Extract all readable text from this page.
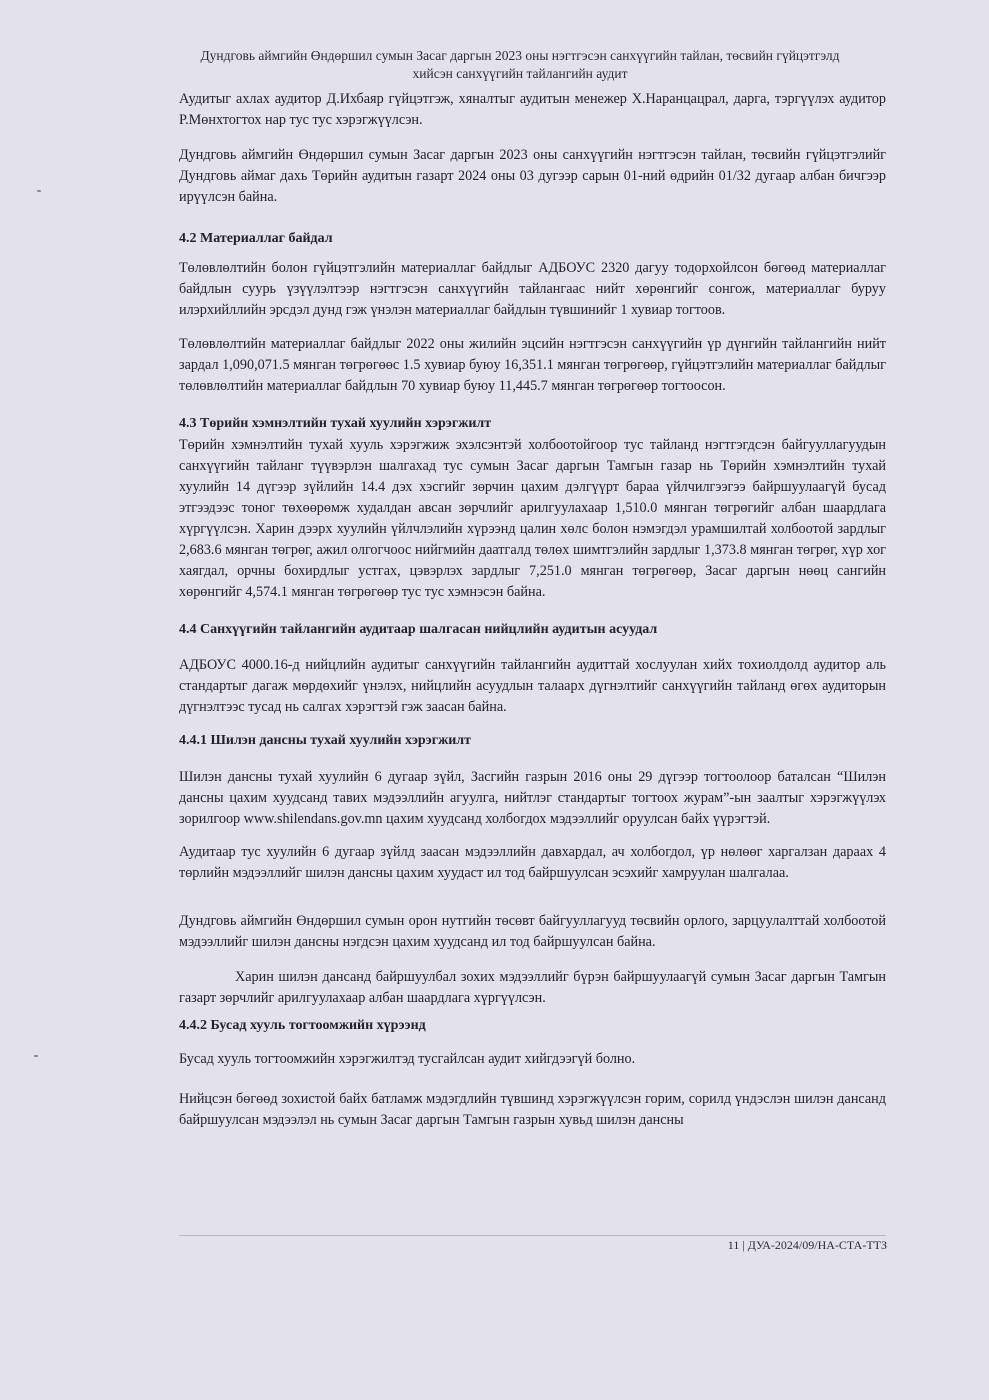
Дундговь аймгийн Өндөршил сумын Засаг даргын 2023 оны нэгтгэсэн санхүүгийн тайлан, төсвийн гүйцэтгэлд хийсэн санхүүгийн тайлангийн аудит

Аудитыг ахлах аудитор Д.Ихбаяр гүйцэтгэж, хяналтыг аудитын менежер Х.Наранцацрал, дарга, тэргүүлэх аудитор Р.Мөнхтогтох нар тус тус хэрэгжүүлсэн.

Дундговь аймгийн Өндөршил сумын Засаг даргын 2023 оны санхүүгийн нэгтгэсэн тайлан, төсвийн гүйцэтгэлийг Дундговь аймаг дахь Төрийн аудитын газарт 2024 оны 03 дугээр сарын 01-ний өдрийн 01/32 дугаар албан бичгээр ирүүлсэн байна.

4.2 Материаллаг байдал

Төлөвлөлтийн болон гүйцэтгэлийн материаллаг байдлыг АДБОУС 2320 дагуу тодорхойлсон бөгөөд материаллаг байдлын суурь үзүүлэлтээр нэгтгэсэн санхүүгийн тайлангаас нийт хөрөнгийг сонгож, материаллаг буруу илэрхийллийн эрсдэл дунд гэж үнэлэн материаллаг байдлын түвшинийг 1 хувиар тогтоов.

Төлөвлөлтийн материаллаг байдлыг 2022 оны жилийн эцсийн нэгтгэсэн санхүүгийн үр дүнгийн тайлангийн нийт зардал 1,090,071.5 мянган төгрөгөөс 1.5 хувиар буюу 16,351.1 мянган төгрөгөөр, гүйцэтгэлийн материаллаг байдлыг төлөвлөлтийн материаллаг байдлын 70 хувиар буюу 11,445.7 мянган төгрөгөөр тогтоосон.

4.3 Төрийн хэмнэлтийн тухай хуулийн хэрэгжилт

Төрийн хэмнэлтийн тухай хууль хэрэгжиж эхэлсэнтэй холбоотойгоор тус тайланд нэгтгэгдсэн байгууллагуудын санхүүгийн тайланг түүвэрлэн шалгахад тус сумын Засаг даргын Тамгын газар нь Төрийн хэмнэлтийн тухай хуулийн 14 дүгээр зүйлийн 14.4 дэх хэсгийг зөрчин цахим дэлгүүрт бараа үйлчилгээгээ байршуулаагүй бусад этгээдээс тоног төхөөрөмж худалдан авсан зөрчлийг арилгуулахаар 1,510.0 мянган төгрөгийг албан шаардлага хүргүүлсэн. Харин дээрх хуулийн үйлчлэлийн хүрээнд цалин хөлс болон нэмэгдэл урамшилтай холбоотой зардлыг 2,683.6 мянган төгрөг, ажил олгогчоос нийгмийн даатгалд төлөх шимтгэлийн зардлыг 1,373.8 мянган төгрөг, хүр хог хаягдал, орчны бохирдлыг устгах, цэвэрлэх зардлыг 7,251.0 мянган төгрөгөөр, Засаг даргын нөөц сангийн хөрөнгийг 4,574.1 мянган төгрөгөөр тус тус хэмнэсэн байна.

4.4 Санхүүгийн тайлангийн аудитаар шалгасан нийцлийн аудитын асуудал

АДБОУС 4000.16-д нийцлийн аудитыг санхүүгийн тайлангийн аудиттай хослуулан хийх тохиолдолд аудитор аль стандартыг дагаж мөрдөхийг үнэлэх, нийцлийн асуудлын талаарх дүгнэлтийг санхүүгийн тайланд өгөх аудиторын дүгнэлтээс тусад нь салгах хэрэгтэй гэж заасан байна.

4.4.1 Шилэн дансны тухай хуулийн хэрэгжилт

Шилэн дансны тухай хуулийн 6 дугаар зүйл, Засгийн газрын 2016 оны 29 дүгээр тогтоолоор баталсан “Шилэн дансны цахим хуудсанд тавих мэдээллийн агуулга, нийтлэг стандартыг тогтоох журам”-ын заалтыг хэрэгжүүлэх зорилгоор www.shilendans.gov.mn цахим хуудсанд холбогдох мэдээллийг оруулсан байх үүрэгтэй.

Аудитаар тус хуулийн 6 дугаар зүйлд заасан мэдээллийн давхардал, ач холбогдол, үр нөлөөг харгалзан дараах 4 төрлийн мэдээллийг шилэн дансны цахим хуудаст ил тод байршуулсан эсэхийг хамруулан шалгалаа.

Дундговь аймгийн Өндөршил сумын орон нутгийн төсөвт байгууллагууд төсвийн орлого, зарцуулалттай холбоотой мэдээллийг шилэн дансны нэгдсэн цахим хуудсанд ил тод байршуулсан байна.

Харин шилэн дансанд байршуулбал зохих мэдээллийг бүрэн байршуулаагүй сумын Засаг даргын Тамгын газарт зөрчлийг арилгуулахаар албан шаардлага хүргүүлсэн.

4.4.2 Бусад хууль тогтоомжийн хүрээнд

Бусад хууль тогтоомжийн хэрэгжилтэд тусгайлсан аудит хийгдээгүй болно.

Нийцсэн бөгөөд зохистой байх батламж мэдэгдлийн түвшинд хэрэгжүүлсэн горим, сорилд үндэслэн шилэн дансанд байршуулсан мэдээлэл нь сумын Засаг даргын Тамгын газрын хувьд шилэн дансны

11 | ДУА-2024/09/НА-СТА-ТТЗ
